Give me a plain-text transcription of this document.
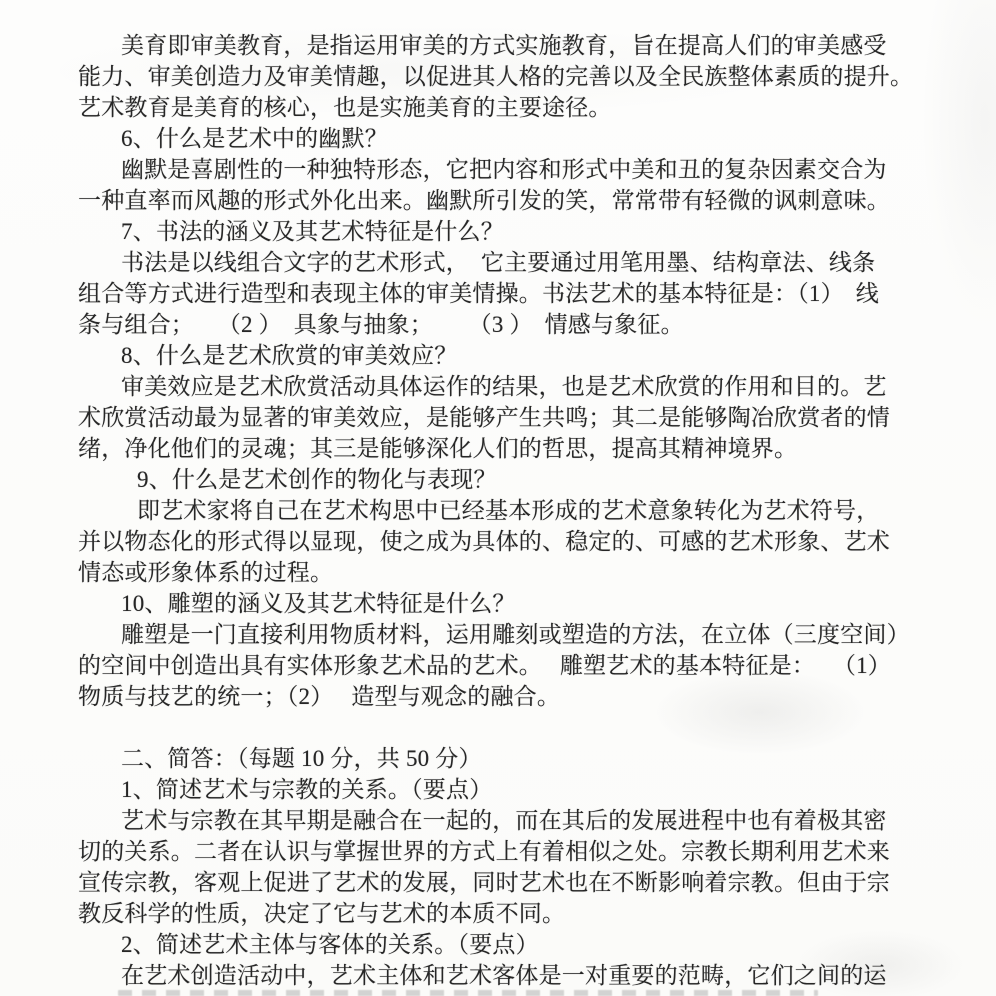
美育即审美教育，是指运用审美的方式实施教育，旨在提高人们的审美感受
能力、审美创造力及审美情趣，以促进其人格的完善以及全民族整体素质的提升。
艺术教育是美育的核心，也是实施美育的主要途径。
6、什么是艺术中的幽默？
幽默是喜剧性的一种独特形态，它把内容和形式中美和丑的复杂因素交合为
一种直率而风趣的形式外化出来。幽默所引发的笑，常常带有轻微的讽刺意味。
7、书法的涵义及其艺术特征是什么？
书法是以线组合文字的艺术形式，  它主要通过用笔用墨、结构章法、线条
组合等方式进行造型和表现主体的审美情操。书法艺术的基本特征是：（1）  线
条与组合；    （2 ）  具象与抽象；      （3 ）  情感与象征。
8、什么是艺术欣赏的审美效应？
审美效应是艺术欣赏活动具体运作的结果，也是艺术欣赏的作用和目的。艺
术欣赏活动最为显著的审美效应，是能够产生共鸣；其二是能够陶冶欣赏者的情
绪，净化他们的灵魂；其三是能够深化人们的哲思，提高其精神境界。
9、什么是艺术创作的物化与表现？
即艺术家将自己在艺术构思中已经基本形成的艺术意象转化为艺术符号，
并以物态化的形式得以显现，使之成为具体的、稳定的、可感的艺术形象、艺术
情态或形象体系的过程。
10、雕塑的涵义及其艺术特征是什么？
雕塑是一门直接利用物质材料，运用雕刻或塑造的方法，在立体（三度空间）
的空间中创造出具有实体形象艺术品的艺术。   雕塑艺术的基本特征是：   （1）
物质与技艺的统一；（2）   造型与观念的融合。
二、简答：（每题 10 分，共 50 分）
1、简述艺术与宗教的关系。（要点）
艺术与宗教在其早期是融合在一起的，而在其后的发展进程中也有着极其密
切的关系。二者在认识与掌握世界的方式上有着相似之处。宗教长期利用艺术来
宣传宗教，客观上促进了艺术的发展，同时艺术也在不断影响着宗教。但由于宗
教反科学的性质，决定了它与艺术的本质不同。
2、简述艺术主体与客体的关系。（要点）
在艺术创造活动中，艺术主体和艺术客体是一对重要的范畴，它们之间的运
